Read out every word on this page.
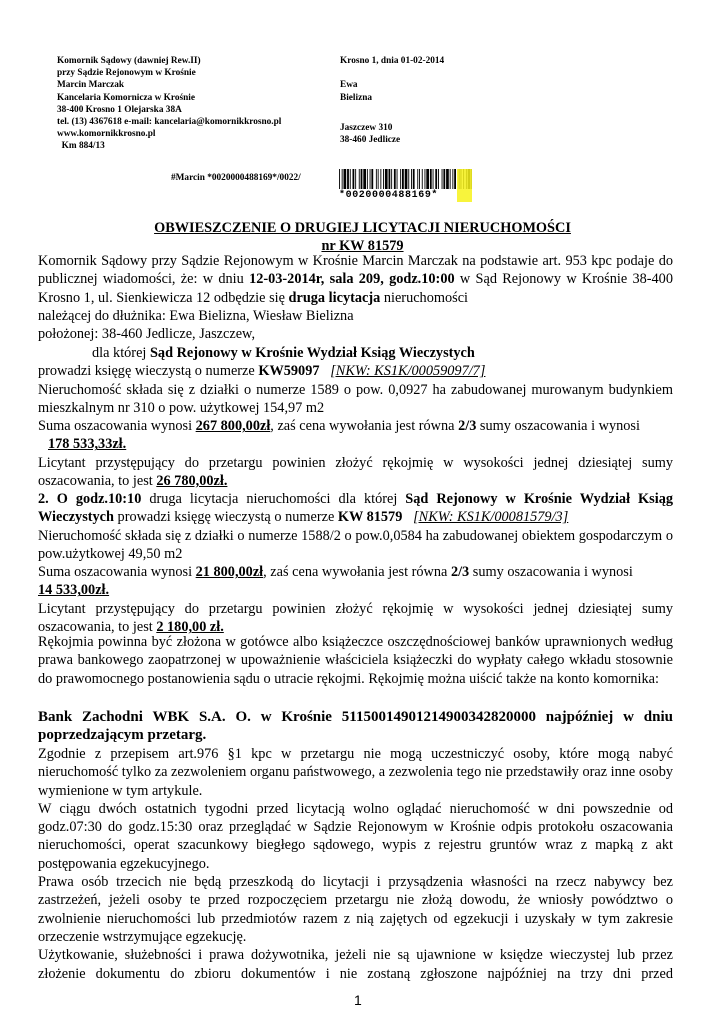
Komornik Sądowy (dawniej Rew.II)
przy Sądzie Rejonowym w Krośnie
Marcin Marczak
Kancelaria Komornicza w Krośnie
38-400 Krosno 1 Olejarska 38A
tel. (13) 4367618 e-mail: kancelaria@komornikkrosno.pl
www.komornikkrosno.pl
Km 884/13
Krosno 1, dnia 01-02-2014
Ewa
Bielizna
Jaszczew 310
38-460 Jedlicze
#Marcin *0020000488169*/0022/
*0020000488169*
OBWIESZCZENIE O DRUGIEJ LICYTACJI NIERUCHOMOŚCI
nr KW 81579

Komornik Sądowy przy Sądzie Rejonowym w Krośnie Marcin Marczak na podstawie art. 953 kpc podaje do publicznej wiadomości, że: w dniu 12-03-2014r, sala 209, godz.10:00 w Sąd Rejonowy w Krośnie 38-400 Krosno 1, ul. Sienkiewicza 12 odbędzie się druga licytacja nieruchomości

należącej do dłużnika: Ewa Bielizna, Wiesław Bielizna

położonej: 38-460 Jedlicze, Jaszczew,

dla której Sąd Rejonowy w Krośnie Wydział Ksiąg Wieczystych

prowadzi księgę wieczystą o numerze KW59097 [NKW: KS1K/00059097/7]

Nieruchomość składa się z działki o numerze 1589 o pow. 0,0927 ha zabudowanej murowanym budynkiem mieszkalnym nr 310 o pow. użytkowej 154,97 m2

Suma oszacowania wynosi 267 800,00zł, zaś cena wywołania jest równa 2/3 sumy oszacowania i wynosi

178 533,33zł.

Licytant przystępujący do przetargu powinien złożyć rękojmię w wysokości jednej dziesiątej sumy oszacowania, to jest 26 780,00zł.

2. O godz.10:10 druga licytacja nieruchomości dla której Sąd Rejonowy w Krośnie Wydział Ksiąg Wieczystych prowadzi księgę wieczystą o numerze KW 81579 [NKW: KS1K/00081579/3]

Nieruchomość składa się z działki o numerze 1588/2 o pow.0,0584 ha zabudowanej obiektem gospodarczym o pow.użytkowej 49,50 m2

Suma oszacowania wynosi 21 800,00zł, zaś cena wywołania jest równa 2/3 sumy oszacowania i wynosi

14 533,00zł.

Licytant przystępujący do przetargu powinien złożyć rękojmię w wysokości jednej dziesiątej sumy oszacowania, to jest 2 180,00 zł.

Rękojmia powinna być złożona w gotówce albo książeczce oszczędnościowej banków uprawnionych według prawa bankowego zaopatrzonej w upoważnienie właściciela książeczki do wypłaty całego wkładu stosownie do prawomocnego postanowienia sądu o utracie rękojmi. Rękojmię można uiścić także na konto komornika:

Bank Zachodni WBK S.A. O. w Krośnie 51150014901214900342820000 najpóźniej w dniu poprzedzającym przetarg.

Zgodnie z przepisem art.976 §1 kpc w przetargu nie mogą uczestniczyć osoby, które mogą nabyć nieruchomość tylko za zezwoleniem organu państwowego, a zezwolenia tego nie przedstawiły oraz inne osoby wymienione w tym artykule.

W ciągu dwóch ostatnich tygodni przed licytacją wolno oglądać nieruchomość w dni powszednie od godz.07:30 do godz.15:30 oraz przeglądać w Sądzie Rejonowym w Krośnie odpis protokołu oszacowania nieruchomości, operat szacunkowy biegłego sądowego, wypis z rejestru gruntów wraz z mapką z akt postępowania egzekucyjnego.

Prawa osób trzecich nie będą przeszkodą do licytacji i przysądzenia własności na rzecz nabywcy bez zastrzeżeń, jeżeli osoby te przed rozpoczęciem przetargu nie złożą dowodu, że wniosły powództwo o zwolnienie nieruchomości lub przedmiotów razem z nią zajętych od egzekucji i uzyskały w tym zakresie orzeczenie wstrzymujące egzekucję.

Użytkowanie, służebności i prawa dożywotnika, jeżeli nie są ujawnione w księdze wieczystej lub przez złożenie dokumentu do zbioru dokumentów i nie zostaną zgłoszone najpóźniej na trzy dni przed

1
